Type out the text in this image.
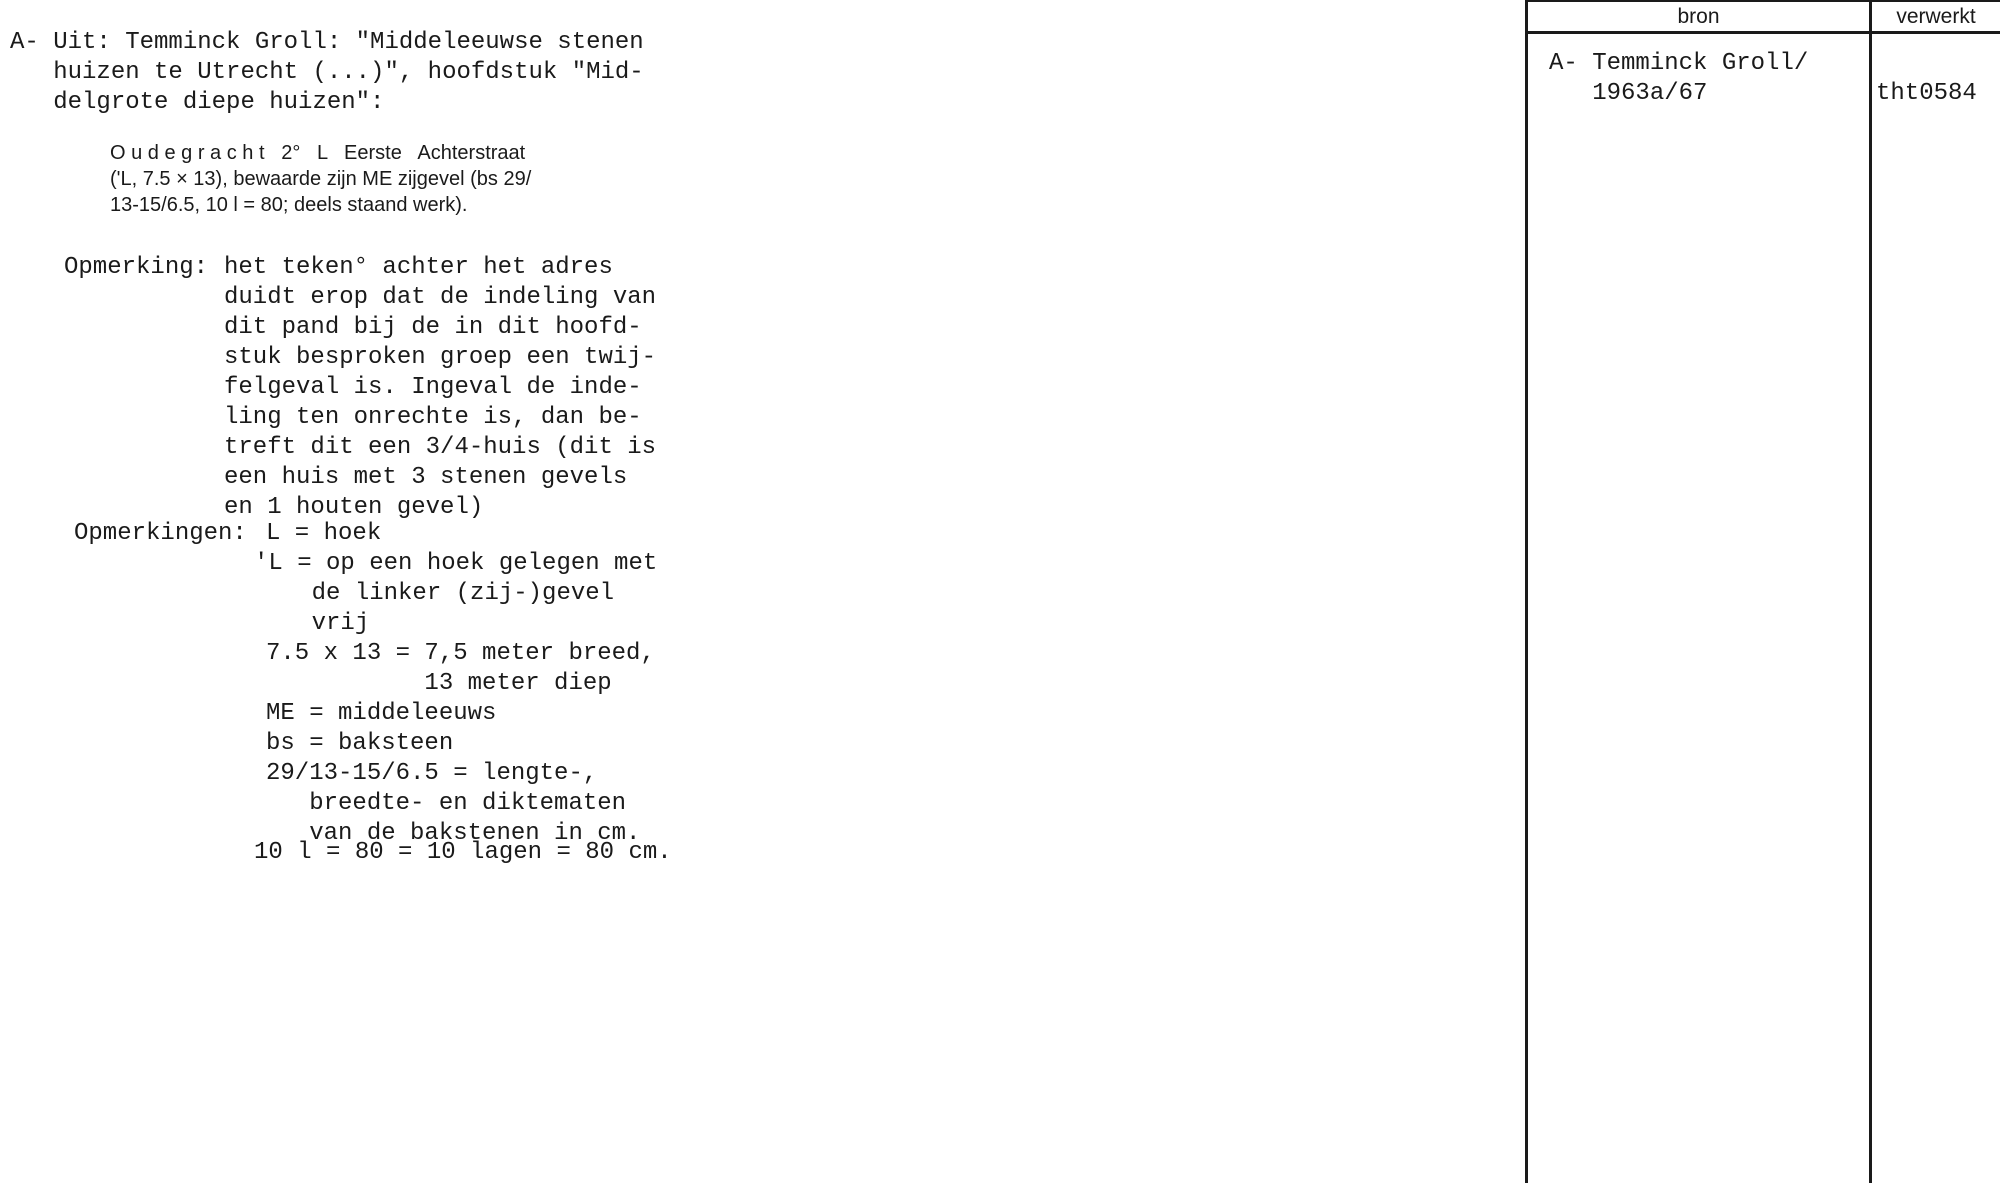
A- Uit: Temminck Groll: "Middeleeuwse stenen
huizen te Utrecht (...)", hoofdstuk "Mid-
delgrote diepe huizen":
O u d e g r a c h t   2°   L   Eerste   Achterstraat
('L, 7.5 × 13), bewaarde zijn ME zijgevel (bs 29/
13-15/6.5, 10 l = 80; deels staand werk).
Opmerking: het teken° achter het adres
duidt erop dat de indeling van
dit pand bij de in dit hoofd-
stuk besproken groep een twij-
felgeval is. Ingeval de inde-
ling ten onrechte is, dan be-
treft dit een 3/4-huis (dit is
een huis met 3 stenen gevels
en 1 houten gevel)
Opmerkingen: L = hoek
'L = op een hoek gelegen met
de linker (zij-)gevel
vrij
7.5 x 13 = 7,5 meter breed,
13 meter diep
ME = middeleeuws
bs = baksteen
29/13-15/6.5 = lengte-,
breedte- en diktematen
van de bakstenen in cm.
10 l = 80 = 10 lagen = 80 cm.
bron	verwerkt
A- Temminck Groll/
1963a/67	tht0584
